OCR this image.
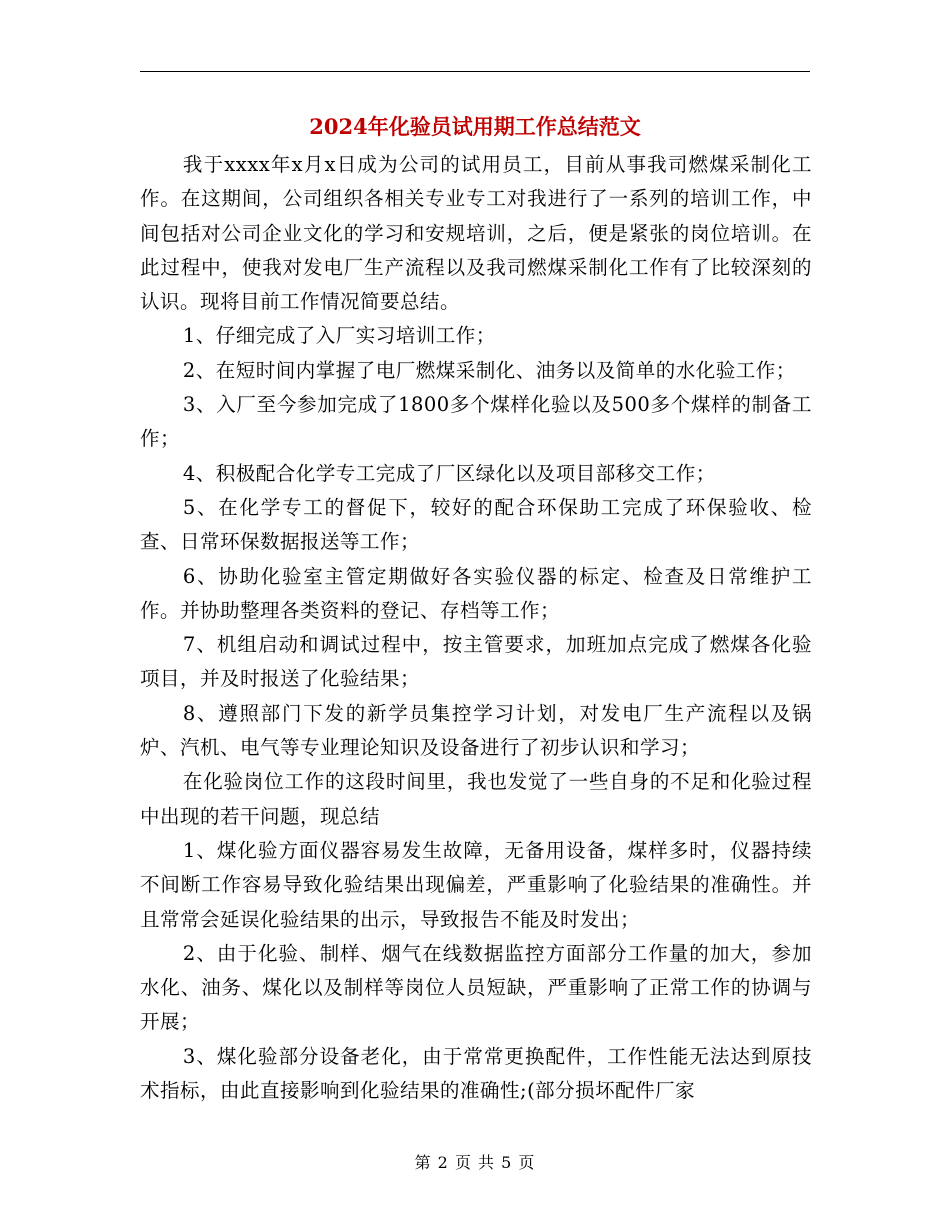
2024年化验员试用期工作总结范文

我于xxxx年x月x日成为公司的试用员工，目前从事我司燃煤采制化工作。在这期间，公司组织各相关专业专工对我进行了一系列的培训工作，中间包括对公司企业文化的学习和安规培训，之后，便是紧张的岗位培训。在此过程中，使我对发电厂生产流程以及我司燃煤采制化工作有了比较深刻的认识。现将目前工作情况简要总结。

1、仔细完成了入厂实习培训工作；

2、在短时间内掌握了电厂燃煤采制化、油务以及简单的水化验工作；

3、入厂至今参加完成了1800多个煤样化验以及500多个煤样的制备工作；

4、积极配合化学专工完成了厂区绿化以及项目部移交工作；

5、在化学专工的督促下，较好的配合环保助工完成了环保验收、检查、日常环保数据报送等工作；

6、协助化验室主管定期做好各实验仪器的标定、检查及日常维护工作。并协助整理各类资料的登记、存档等工作；

7、机组启动和调试过程中，按主管要求，加班加点完成了燃煤各化验项目，并及时报送了化验结果；

8、遵照部门下发的新学员集控学习计划，对发电厂生产流程以及锅炉、汽机、电气等专业理论知识及设备进行了初步认识和学习；

在化验岗位工作的这段时间里，我也发觉了一些自身的不足和化验过程中出现的若干问题，现总结

1、煤化验方面仪器容易发生故障，无备用设备，煤样多时，仪器持续不间断工作容易导致化验结果出现偏差，严重影响了化验结果的准确性。并且常常会延误化验结果的出示，导致报告不能及时发出；

2、由于化验、制样、烟气在线数据监控方面部分工作量的加大，参加水化、油务、煤化以及制样等岗位人员短缺，严重影响了正常工作的协调与开展；

3、煤化验部分设备老化，由于常常更换配件，工作性能无法达到原技术指标，由此直接影响到化验结果的准确性;(部分损坏配件厂家

第 2 页 共 5 页
